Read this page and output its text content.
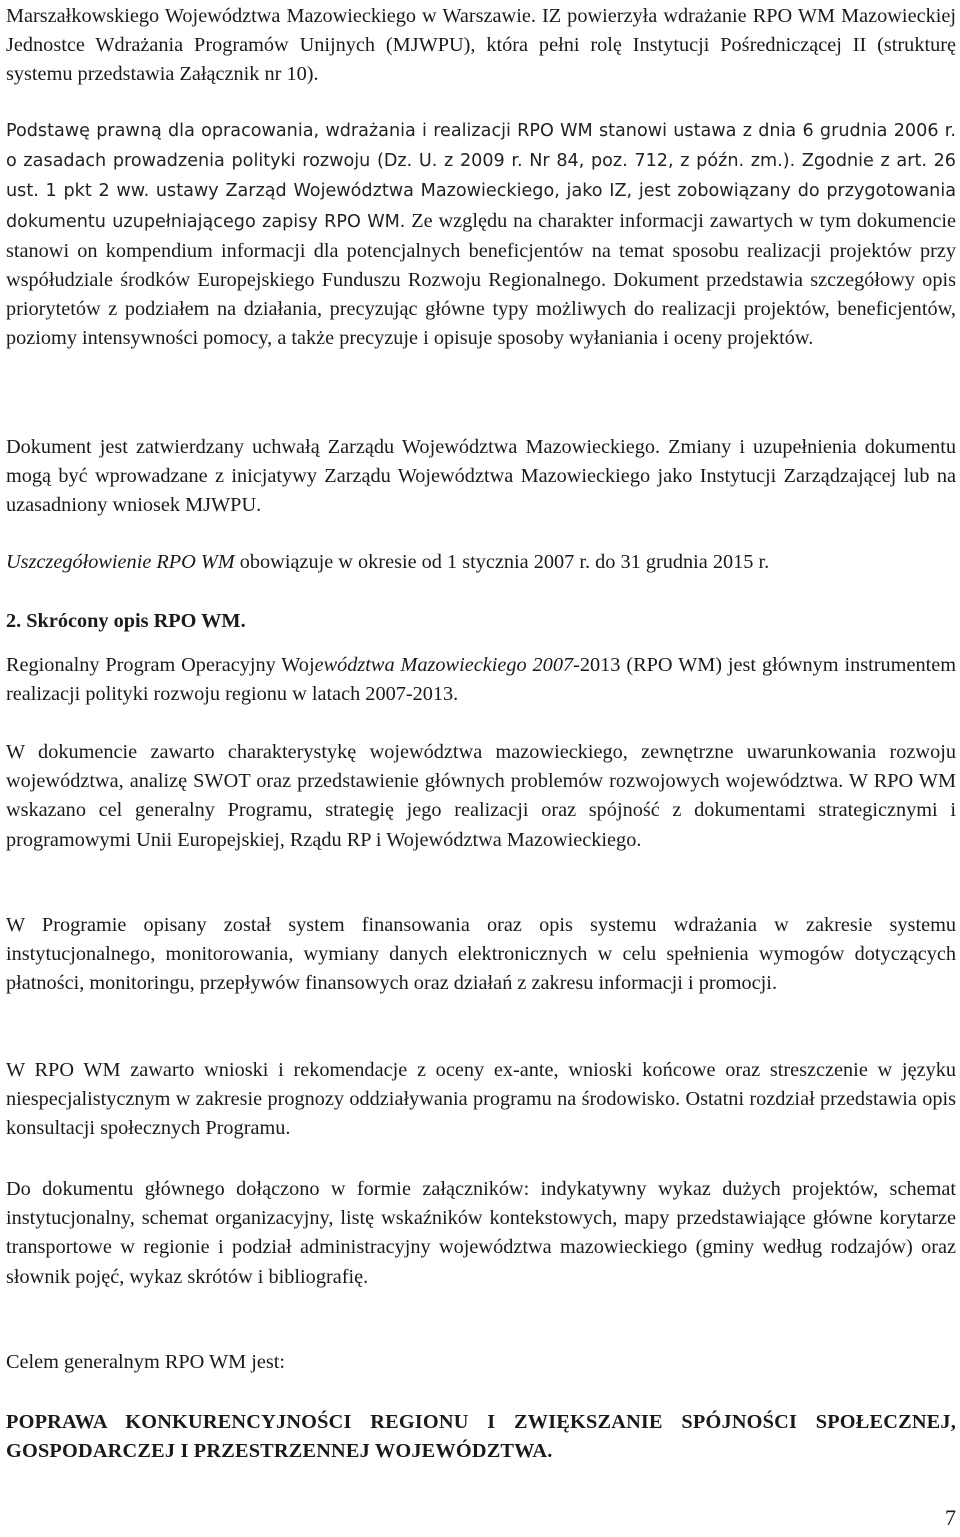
Marszałkowskiego Województwa Mazowieckiego w Warszawie. IZ powierzyła wdrażanie RPO WM Mazowieckiej Jednostce Wdrażania Programów Unijnych (MJWPU), która pełni rolę Instytucji Pośredniczącej II (strukturę systemu przedstawia Załącznik nr 10).

Podstawę prawną dla opracowania, wdrażania i realizacji RPO WM stanowi ustawa z dnia 6 grudnia 2006 r. o zasadach prowadzenia polityki rozwoju (Dz. U. z 2009 r. Nr 84, poz. 712, z późn. zm.). Zgodnie z art. 26 ust. 1 pkt 2 ww. ustawy Zarząd Województwa Mazowieckiego, jako IZ, jest zobowiązany do przygotowania dokumentu uzupełniającego zapisy RPO WM. Ze względu na charakter informacji zawartych w tym dokumencie stanowi on kompendium informacji dla potencjalnych beneficjentów na temat sposobu realizacji projektów przy współudziale środków Europejskiego Funduszu Rozwoju Regionalnego. Dokument przedstawia szczegółowy opis priorytetów z podziałem na działania, precyzując główne typy możliwych do realizacji projektów, beneficjentów, poziomy intensywności pomocy, a także precyzuje i opisuje sposoby wyłaniania i oceny projektów.

Dokument jest zatwierdzany uchwałą Zarządu Województwa Mazowieckiego. Zmiany i uzupełnienia dokumentu mogą być wprowadzane z inicjatywy Zarządu Województwa Mazowieckiego jako Instytucji Zarządzającej lub na uzasadniony wniosek MJWPU.

Uszczegółowienie RPO WM obowiązuje w okresie od 1 stycznia 2007 r. do 31 grudnia 2015 r.

2. Skrócony opis RPO WM.

Regionalny Program Operacyjny Województwa Mazowieckiego 2007-2013 (RPO WM) jest głównym instrumentem realizacji polityki rozwoju regionu w latach 2007-2013.

W dokumencie zawarto charakterystykę województwa mazowieckiego, zewnętrzne uwarunkowania rozwoju województwa, analizę SWOT oraz przedstawienie głównych problemów rozwojowych województwa. W RPO WM wskazano cel generalny Programu, strategię jego realizacji oraz spójność z dokumentami strategicznymi i programowymi Unii Europejskiej, Rządu RP i Województwa Mazowieckiego.

W Programie opisany został system finansowania oraz opis systemu wdrażania w zakresie systemu instytucjonalnego, monitorowania, wymiany danych elektronicznych w celu spełnienia wymogów dotyczących płatności, monitoringu, przepływów finansowych oraz działań z zakresu informacji i promocji.

W RPO WM zawarto wnioski i rekomendacje z oceny ex-ante, wnioski końcowe oraz streszczenie w języku niespecjalistycznym w zakresie prognozy oddziaływania programu na środowisko. Ostatni rozdział przedstawia opis konsultacji społecznych Programu.

Do dokumentu głównego dołączono w formie załączników: indykatywny wykaz dużych projektów, schemat instytucjonalny, schemat organizacyjny, listę wskaźników kontekstowych, mapy przedstawiające główne korytarze transportowe w regionie i podział administracyjny województwa mazowieckiego (gminy według rodzajów) oraz słownik pojęć, wykaz skrótów i bibliografię.

Celem generalnym RPO WM jest:

POPRAWA KONKURENCYJNOŚCI REGIONU I ZWIĘKSZANIE SPÓJNOŚCI SPOŁECZNEJ, GOSPODARCZEJ I PRZESTRZENNEJ WOJEWÓDZTWA.

7
